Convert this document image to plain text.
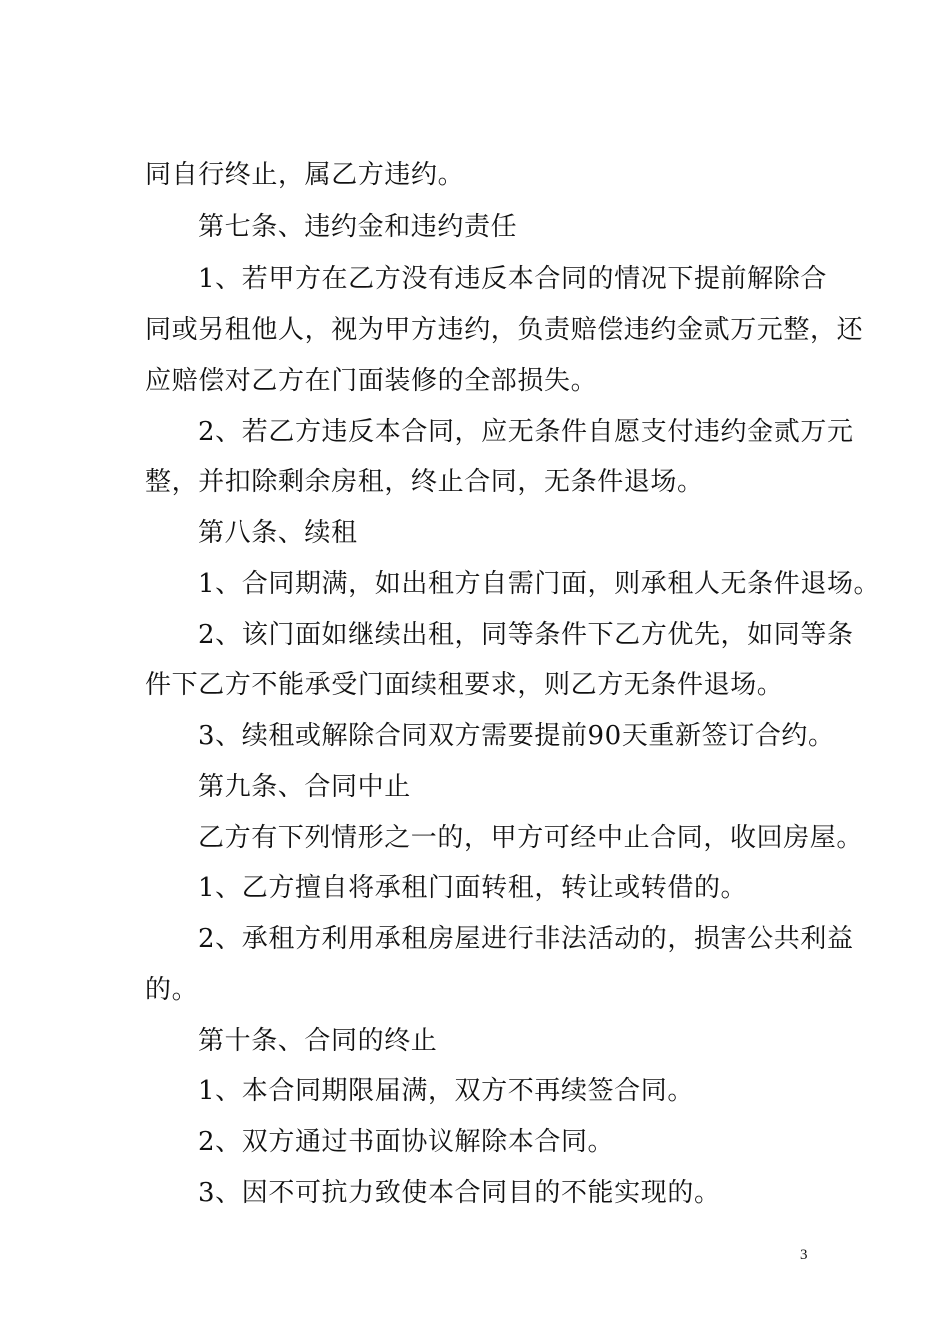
同自行终止，属乙方违约。
第七条、违约金和违约责任
1、若甲方在乙方没有违反本合同的情况下提前解除合
同或另租他人，视为甲方违约，负责赔偿违约金贰万元整，还
应赔偿对乙方在门面装修的全部损失。
2、若乙方违反本合同，应无条件自愿支付违约金贰万元
整，并扣除剩余房租，终止合同，无条件退场。
第八条、续租
1、合同期满，如出租方自需门面，则承租人无条件退场。
2、该门面如继续出租，同等条件下乙方优先，如同等条
件下乙方不能承受门面续租要求，则乙方无条件退场。
3、续租或解除合同双方需要提前90天重新签订合约。
第九条、合同中止
乙方有下列情形之一的，甲方可经中止合同，收回房屋。
1、乙方擅自将承租门面转租，转让或转借的。
2、承租方利用承租房屋进行非法活动的，损害公共利益
的。
第十条、合同的终止
1、本合同期限届满，双方不再续签合同。
2、双方通过书面协议解除本合同。
3、因不可抗力致使本合同目的不能实现的。
3
